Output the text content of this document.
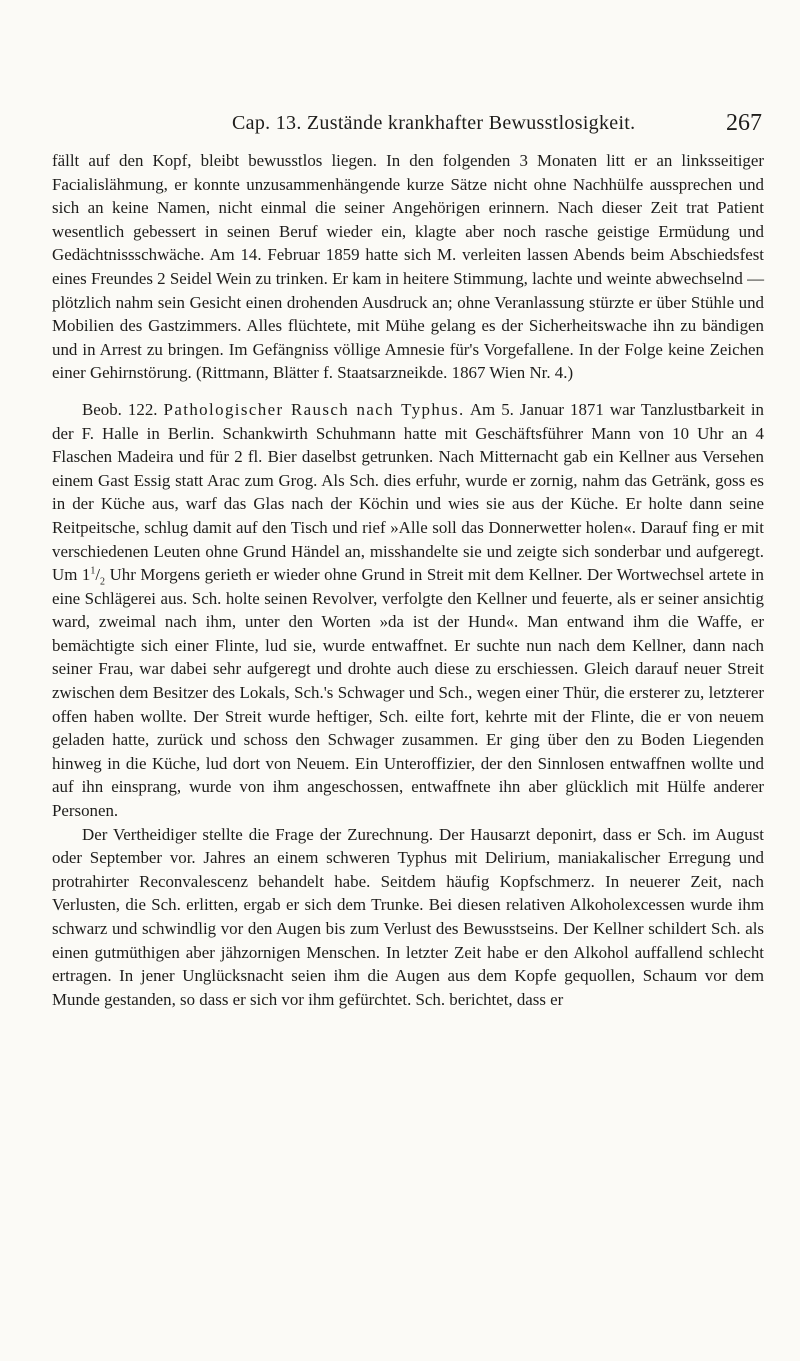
Cap. 13. Zustände krankhafter Bewusstlosigkeit.	267

fällt auf den Kopf, bleibt bewusstlos liegen. In den folgenden 3 Monaten litt er an linksseitiger Facialislähmung, er konnte unzusammenhängende kurze Sätze nicht ohne Nachhülfe aussprechen und sich an keine Namen, nicht einmal die seiner Angehörigen erinnern. Nach dieser Zeit trat Patient wesentlich gebessert in seinen Beruf wieder ein, klagte aber noch rasche geistige Ermüdung und Gedächtnissschwäche. Am 14. Februar 1859 hatte sich M. verleiten lassen Abends beim Abschiedsfest eines Freundes 2 Seidel Wein zu trinken. Er kam in heitere Stimmung, lachte und weinte abwechselnd — plötzlich nahm sein Gesicht einen drohenden Ausdruck an; ohne Veranlassung stürzte er über Stühle und Mobilien des Gastzimmers. Alles flüchtete, mit Mühe gelang es der Sicherheitswache ihn zu bändigen und in Arrest zu bringen. Im Gefängniss völlige Amnesie für's Vorgefallene. In der Folge keine Zeichen einer Gehirnstörung. (Rittmann, Blätter f. Staatsarzneikde. 1867 Wien Nr. 4.)

Beob. 122. Pathologischer Rausch nach Typhus. Am 5. Januar 1871 war Tanzlustbarkeit in der F. Halle in Berlin. Schankwirth Schuhmann hatte mit Geschäftsführer Mann von 10 Uhr an 4 Flaschen Madeira und für 2 fl. Bier daselbst getrunken. Nach Mitternacht gab ein Kellner aus Versehen einem Gast Essig statt Arac zum Grog. Als Sch. dies erfuhr, wurde er zornig, nahm das Getränk, goss es in der Küche aus, warf das Glas nach der Köchin und wies sie aus der Küche. Er holte dann seine Reitpeitsche, schlug damit auf den Tisch und rief »Alle soll das Donnerwetter holen«. Darauf fing er mit verschiedenen Leuten ohne Grund Händel an, misshandelte sie und zeigte sich sonderbar und aufgeregt. Um $1^1/_2$ Uhr Morgens gerieth er wieder ohne Grund in Streit mit dem Kellner. Der Wortwechsel artete in eine Schlägerei aus. Sch. holte seinen Revolver, verfolgte den Kellner und feuerte, als er seiner ansichtig ward, zweimal nach ihm, unter den Worten »da ist der Hund«. Man entwand ihm die Waffe, er bemächtigte sich einer Flinte, lud sie, wurde entwaffnet. Er suchte nun nach dem Kellner, dann nach seiner Frau, war dabei sehr aufgeregt und drohte auch diese zu erschiessen. Gleich darauf neuer Streit zwischen dem Besitzer des Lokals, Sch.'s Schwager und Sch., wegen einer Thür, die ersterer zu, letzterer offen haben wollte. Der Streit wurde heftiger, Sch. eilte fort, kehrte mit der Flinte, die er von neuem geladen hatte, zurück und schoss den Schwager zusammen. Er ging über den zu Boden Liegenden hinweg in die Küche, lud dort von Neuem. Ein Unteroffizier, der den Sinnlosen entwaffnen wollte und auf ihn einsprang, wurde von ihm angeschossen, entwaffnete ihn aber glücklich mit Hülfe anderer Personen.

Der Vertheidiger stellte die Frage der Zurechnung. Der Hausarzt deponirt, dass er Sch. im August oder September vor. Jahres an einem schweren Typhus mit Delirium, maniakalischer Erregung und protrahirter Reconvalescenz behandelt habe. Seitdem häufig Kopfschmerz. In neuerer Zeit, nach Verlusten, die Sch. erlitten, ergab er sich dem Trunke. Bei diesen relativen Alkoholexcessen wurde ihm schwarz und schwindlig vor den Augen bis zum Verlust des Bewusstseins. Der Kellner schildert Sch. als einen gutmüthigen aber jähzornigen Menschen. In letzter Zeit habe er den Alkohol auffallend schlecht ertragen. In jener Unglücksnacht seien ihm die Augen aus dem Kopfe gequollen, Schaum vor dem Munde gestanden, so dass er sich vor ihm gefürchtet. Sch. berichtet, dass er
